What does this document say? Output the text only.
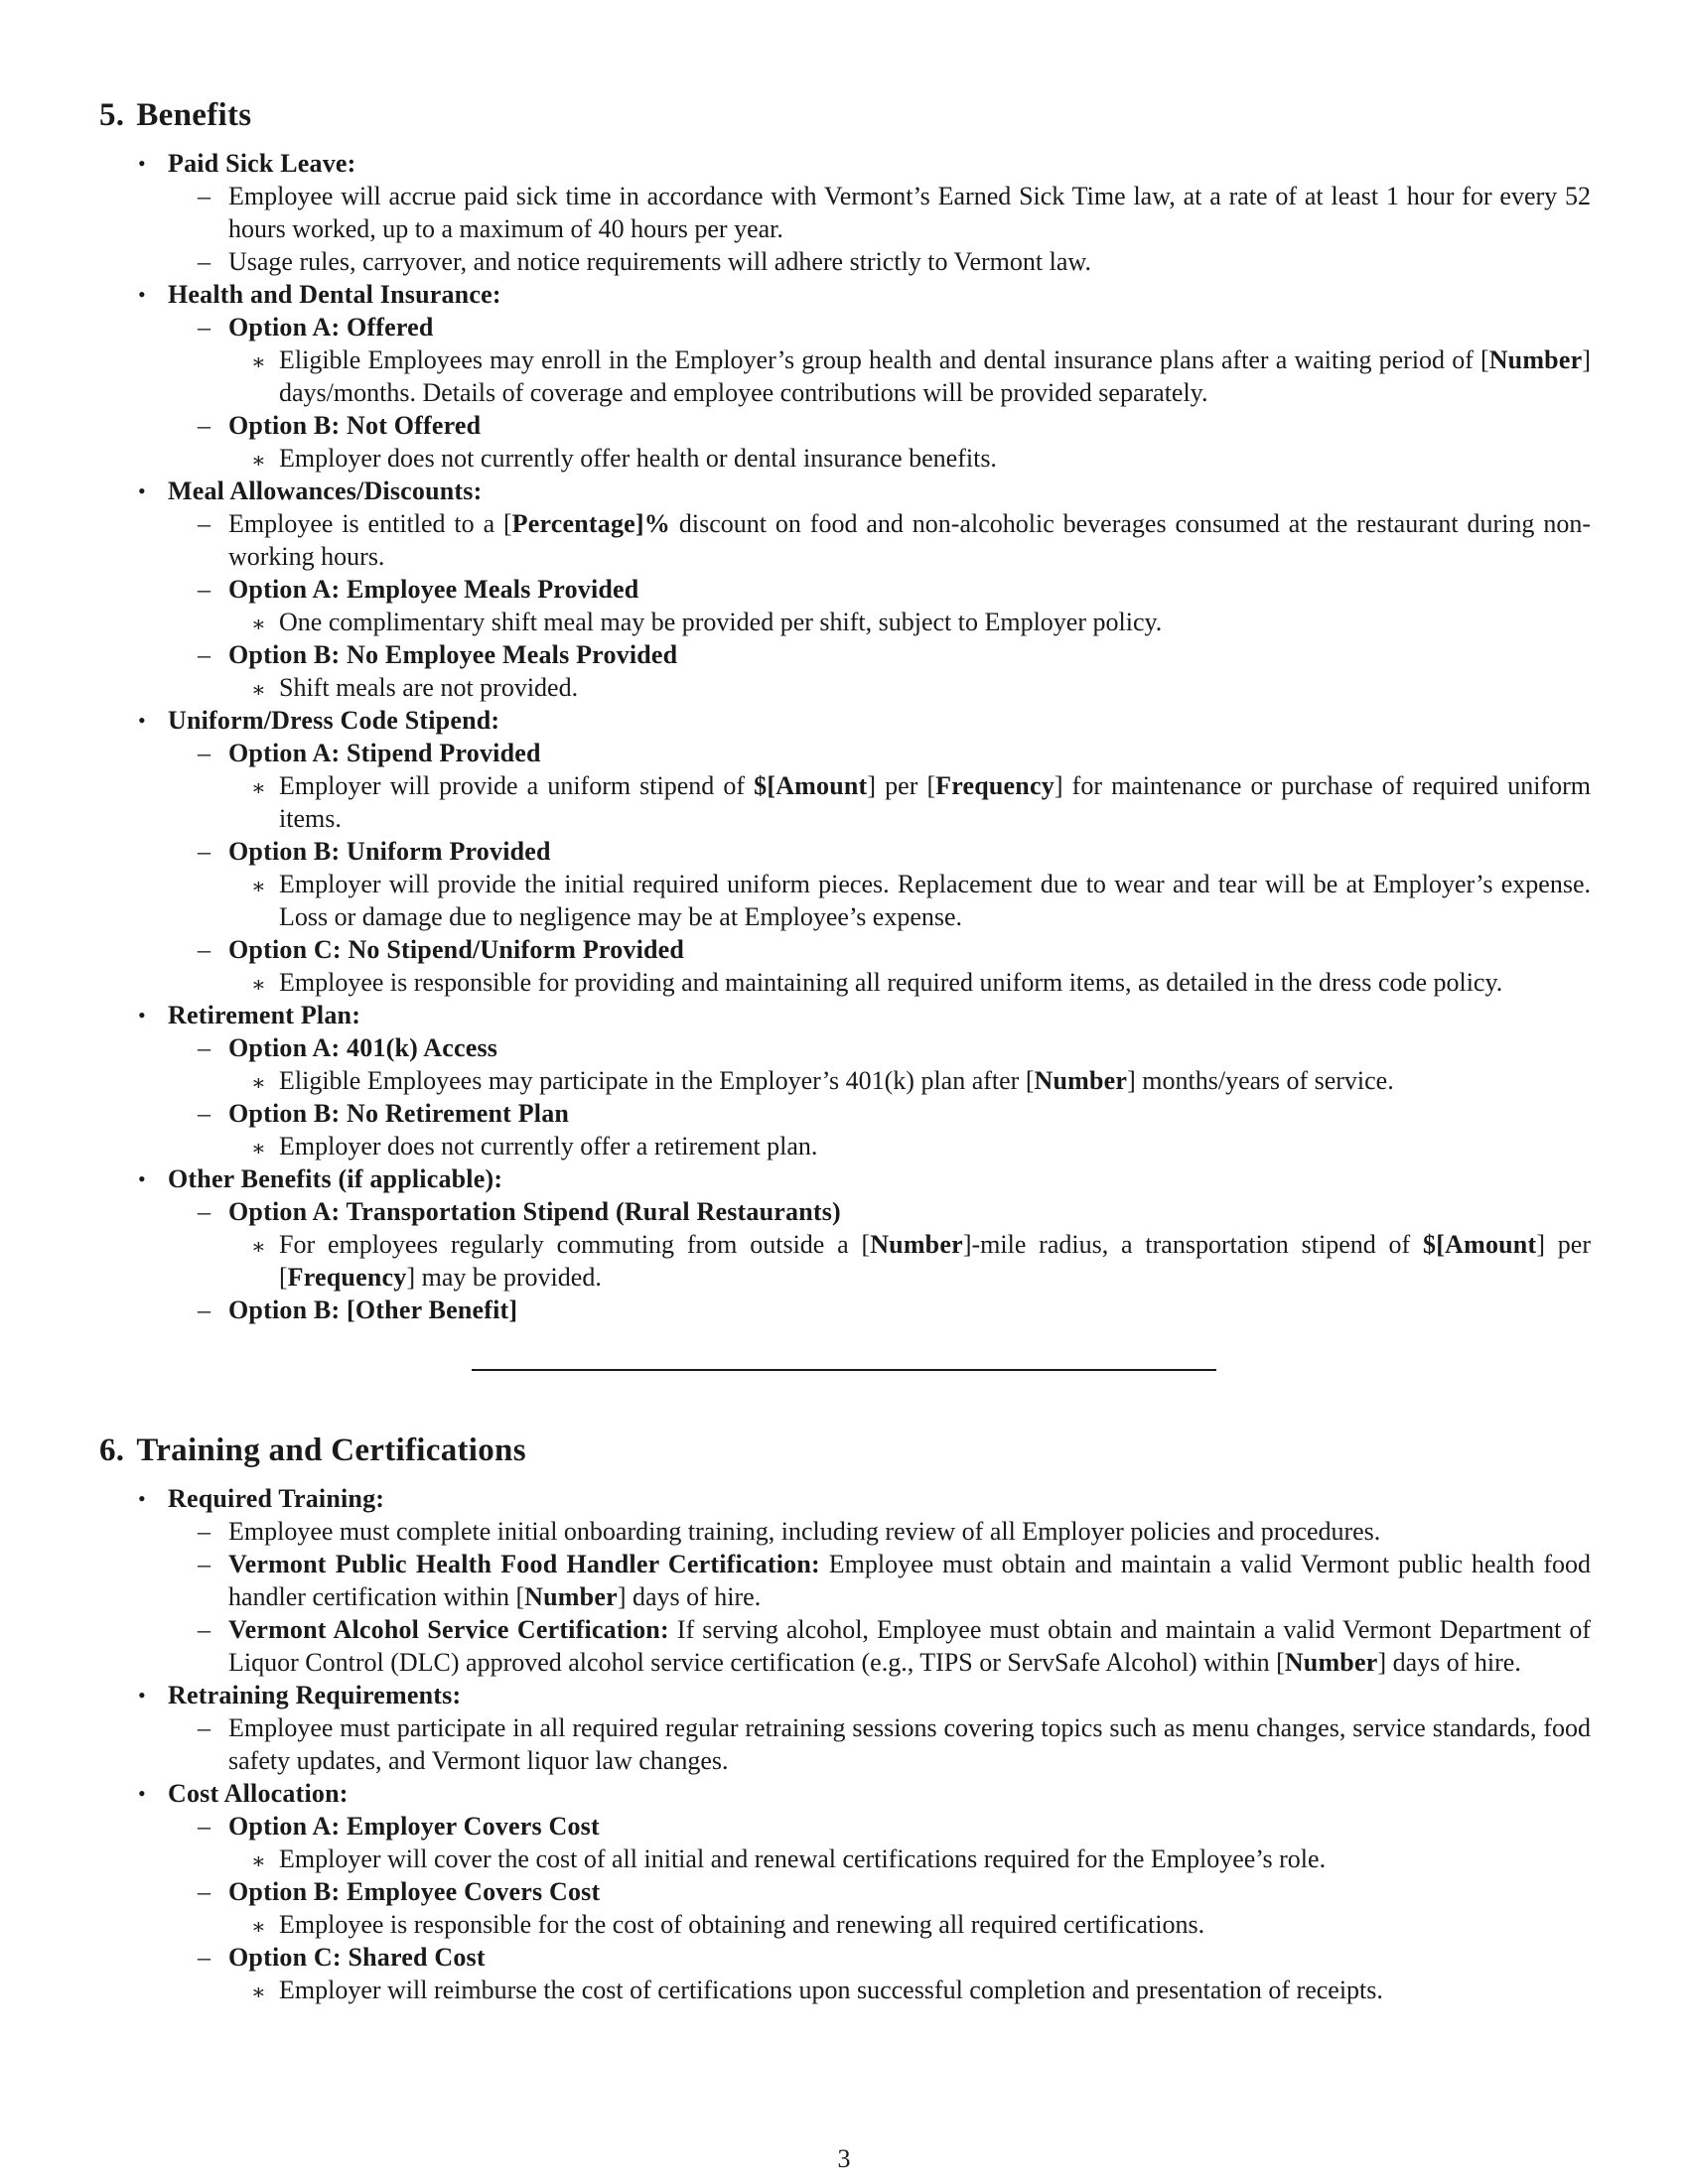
5. Benefits
• Paid Sick Leave:
– Employee will accrue paid sick time in accordance with Vermont’s Earned Sick Time law, at a rate of at least 1 hour for every 52 hours worked, up to a maximum of 40 hours per year.
– Usage rules, carryover, and notice requirements will adhere strictly to Vermont law.
• Health and Dental Insurance:
– Option A: Offered
∗ Eligible Employees may enroll in the Employer’s group health and dental insurance plans after a waiting period of [Number] days/months. Details of coverage and employee contributions will be provided separately.
– Option B: Not Offered
∗ Employer does not currently offer health or dental insurance benefits.
• Meal Allowances/Discounts:
– Employee is entitled to a [Percentage]% discount on food and non-alcoholic beverages consumed at the restaurant during non-working hours.
– Option A: Employee Meals Provided
∗ One complimentary shift meal may be provided per shift, subject to Employer policy.
– Option B: No Employee Meals Provided
∗ Shift meals are not provided.
• Uniform/Dress Code Stipend:
– Option A: Stipend Provided
∗ Employer will provide a uniform stipend of $[Amount] per [Frequency] for maintenance or purchase of required uniform items.
– Option B: Uniform Provided
∗ Employer will provide the initial required uniform pieces. Replacement due to wear and tear will be at Employer’s expense. Loss or damage due to negligence may be at Employee’s expense.
– Option C: No Stipend/Uniform Provided
∗ Employee is responsible for providing and maintaining all required uniform items, as detailed in the dress code policy.
• Retirement Plan:
– Option A: 401(k) Access
∗ Eligible Employees may participate in the Employer’s 401(k) plan after [Number] months/years of service.
– Option B: No Retirement Plan
∗ Employer does not currently offer a retirement plan.
• Other Benefits (if applicable):
– Option A: Transportation Stipend (Rural Restaurants)
∗ For employees regularly commuting from outside a [Number]-mile radius, a transportation stipend of $[Amount] per [Frequency] may be provided.
– Option B: [Other Benefit]
6. Training and Certifications
• Required Training:
– Employee must complete initial onboarding training, including review of all Employer policies and procedures.
– Vermont Public Health Food Handler Certification: Employee must obtain and maintain a valid Vermont public health food handler certification within [Number] days of hire.
– Vermont Alcohol Service Certification: If serving alcohol, Employee must obtain and maintain a valid Vermont Department of Liquor Control (DLC) approved alcohol service certification (e.g., TIPS or ServSafe Alcohol) within [Number] days of hire.
• Retraining Requirements:
– Employee must participate in all required regular retraining sessions covering topics such as menu changes, service standards, food safety updates, and Vermont liquor law changes.
• Cost Allocation:
– Option A: Employer Covers Cost
∗ Employer will cover the cost of all initial and renewal certifications required for the Employee’s role.
– Option B: Employee Covers Cost
∗ Employee is responsible for the cost of obtaining and renewing all required certifications.
– Option C: Shared Cost
∗ Employer will reimburse the cost of certifications upon successful completion and presentation of receipts.
3
